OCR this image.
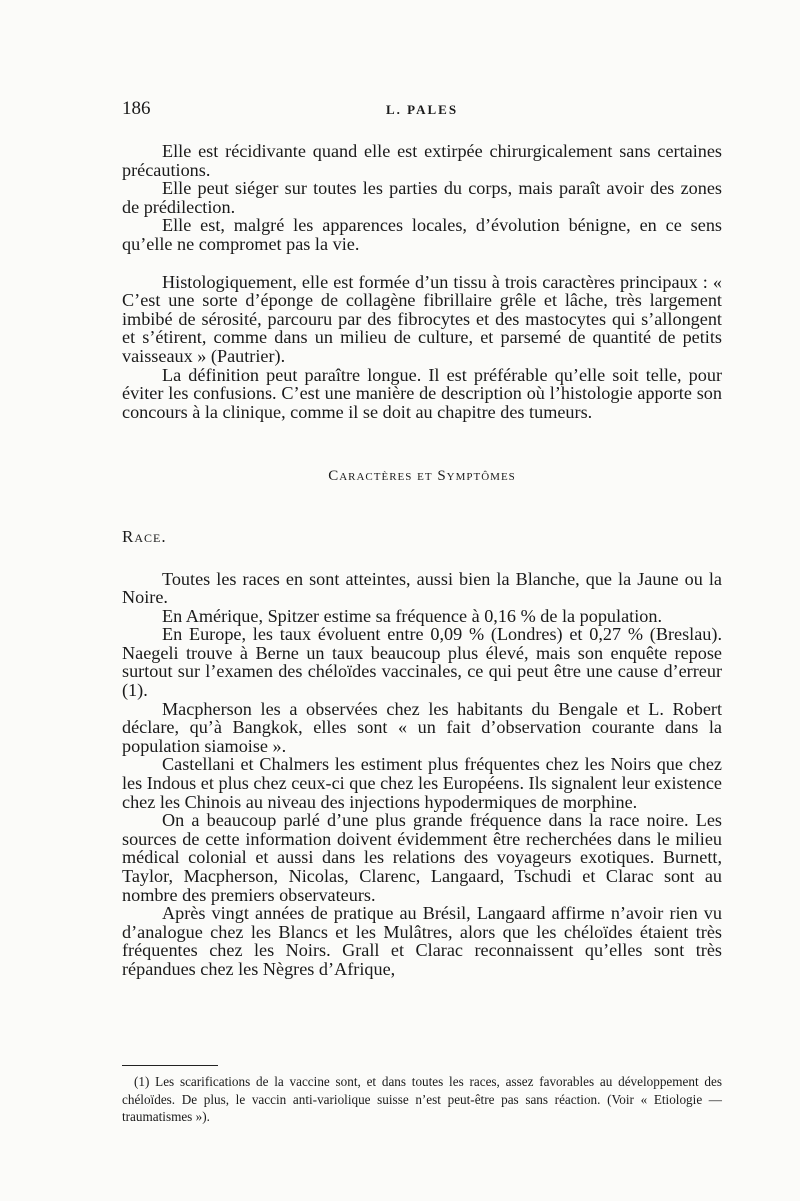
186	L. PALES

Elle est récidivante quand elle est extirpée chirurgicalement sans certaines précautions.

Elle peut siéger sur toutes les parties du corps, mais paraît avoir des zones de prédilection.

Elle est, malgré les apparences locales, d’évolution bénigne, en ce sens qu’elle ne compromet pas la vie.

Histologiquement, elle est formée d’un tissu à trois caractères principaux : « C’est une sorte d’éponge de collagène fibrillaire grêle et lâche, très largement imbibé de sérosité, parcouru par des fibrocytes et des mastocytes qui s’allongent et s’étirent, comme dans un milieu de culture, et parsemé de quantité de petits vaisseaux » (Pautrier).

La définition peut paraître longue. Il est préférable qu’elle soit telle, pour éviter les confusions. C’est une manière de description où l’histologie apporte son concours à la clinique, comme il se doit au chapitre des tumeurs.

Caractères et Symptômes
Race.

Toutes les races en sont atteintes, aussi bien la Blanche, que la Jaune ou la Noire.

En Amérique, Spitzer estime sa fréquence à 0,16 % de la population.

En Europe, les taux évoluent entre 0,09 % (Londres) et 0,27 % (Breslau). Naegeli trouve à Berne un taux beaucoup plus élevé, mais son enquête repose surtout sur l’examen des chéloïdes vaccinales, ce qui peut être une cause d’erreur (1).

Macpherson les a observées chez les habitants du Bengale et L. Robert déclare, qu’à Bangkok, elles sont « un fait d’observation courante dans la population siamoise ».

Castellani et Chalmers les estiment plus fréquentes chez les Noirs que chez les Indous et plus chez ceux-ci que chez les Européens. Ils signalent leur existence chez les Chinois au niveau des injections hypodermiques de morphine.

On a beaucoup parlé d’une plus grande fréquence dans la race noire. Les sources de cette information doivent évidemment être recherchées dans le milieu médical colonial et aussi dans les relations des voyageurs exotiques. Burnett, Taylor, Macpherson, Nicolas, Clarenc, Langaard, Tschudi et Clarac sont au nombre des premiers observateurs.

Après vingt années de pratique au Brésil, Langaard affirme n’avoir rien vu d’analogue chez les Blancs et les Mulâtres, alors que les chéloïdes étaient très fréquentes chez les Noirs. Grall et Clarac reconnaissent qu’elles sont très répandues chez les Nègres d’Afrique,

(1) Les scarifications de la vaccine sont, et dans toutes les races, assez favorables au développement des chéloïdes. De plus, le vaccin anti-variolique suisse n’est peut-être pas sans réaction. (Voir « Etiologie — traumatismes »).
